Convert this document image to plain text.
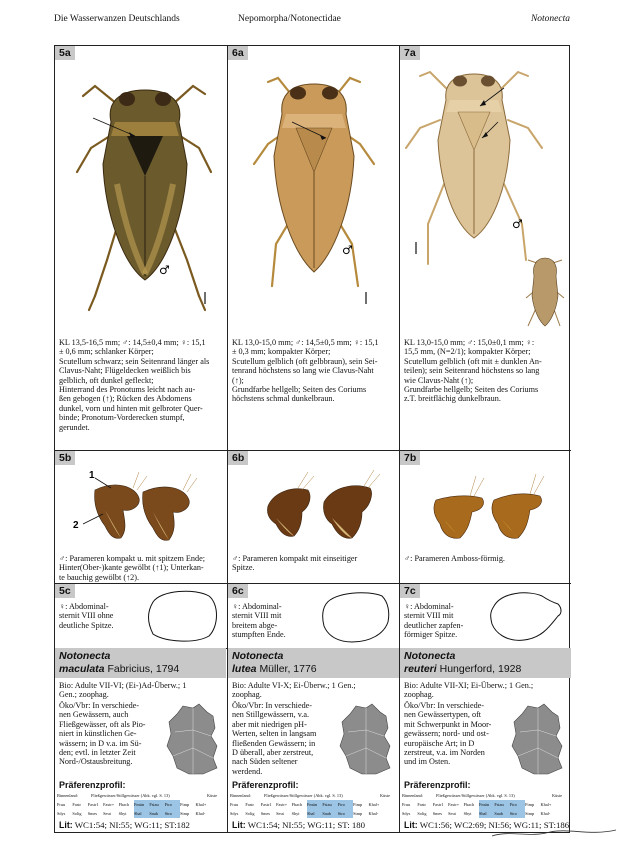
Die Wasserwanzen Deutschlands	Nepomorpha/Notonectidae	Notonecta
5a
♂
KL 13,5-16,5 mm; ♂: 14,5±0,4 mm; ♀: 15,1
± 0,6 mm; schlanker Körper;
Scutellum schwarz; sein Seitenrand länger als
Clavus-Naht; Flügeldecken weißlich bis
gelblich, oft dunkel gefleckt;
Hinterrand des Pronotums leicht nach au-
ßen gebogen (↑); Rücken des Abdomens
dunkel, vorn und hinten mit gelbroter Quer-
binde; Pronotum-Vorderecken stumpf,
gerundet.
5b
1
2
♂: Parameren kompakt u. mit spitzem Ende;
Hinter(Ober-)kante gewölbt (↑1); Unterkan-
te bauchig gewölbt (↑2).
5c
♀: Abdominal-
sternit VIII ohne
deutliche Spitze.
Notonecta
maculata Fabricius, 1794
Bio: Adulte VII-VI; (Ei-)Ad-Überw.; 1
Gen.; zoophag.
Öko/Vbr: In verschiede-
nen Gewässern, auch
Fließgewässer, oft als Pio-
niert in künstlichen Ge-
wässern; in D v.a. im Sü-
den; evtl. in letzter Zeit
Nord-/Ostausbreitung.
Präferenzprofil:
Binnenland:	Fließgewässer/Stillgewässer (Abk. vgl. S. 13)	Küste
Fruu	Fastr	Fastr1	Fastr+	Fbach	Fmün	Fstau	Ftro	Ftmp	Khal+
Sdys	Solig	Smes	Seut	Shyt	Shal	Saub	Stro	Stmp	Khal-
Lit: WC1:54; NI:55; WG:11; ST:182
6a
♂
KL 13,0-15,0 mm; ♂: 14,5±0,5 mm; ♀: 15,1
± 0,3 mm; kompakter Körper;
Scutellum gelblich (oft gelbbraun), sein Sei-
tenrand höchstens so lang wie Clavus-Naht
(↑);
Grundfarbe hellgelb; Seiten des Coriums
höchstens schmal dunkelbraun.
6b
♂: Parameren kompakt mit einseitiger
Spitze.
6c
♀: Abdominal-
sternit VIII mit
breitem abge-
stumpften Ende.
Notonecta
lutea Müller, 1776
Bio: Adulte VI-X; Ei-Überw.; 1 Gen.;
zoophag.
Öko/Vbr: In verschiede-
nen Stillgewässern, v.a.
aber mit niedrigen pH-
Werten, selten in langsam
fließenden Gewässern; in
D überall, aber zerstreut,
nach Süden seltener
werdend.
Präferenzprofil:
Binnenland:	Fließgewässer/Stillgewässer (Abk. vgl. S. 13)	Küste
Fruu	Fastr	Fastr1	Fastr+	Fbach	Fmün	Fstau	Ftro	Ftmp	Khal+
Sdys	Solig	Smes	Seut	Shyt	Shal	Saub	Stro	Stmp	Khal-
Lit: WC1:54; NI:55; WG:11; ST: 180
7a
♂
KL 13,0-15,0 mm; ♂: 15,0±0,1 mm; ♀:
15,5 mm, (N=2/1); kompakter Körper;
Scutellum gelblich (oft mit ± dunklen An-
teilen); sein Seitenrand höchstens so lang
wie Clavus-Naht (↑);
Grundfarbe hellgelb; Seiten des Coriums
z.T. breitflächig dunkelbraun.
7b
♂: Parameren Amboss-förmig.
7c
♀: Abdominal-
sternit VIII mit
deutlicher zapfen-
förmiger Spitze.
Notonecta
reuteri Hungerford, 1928
Bio: Adulte VII-XI; Ei-Überw.; 1 Gen.;
zoophag.
Öko/Vbr: In verschiede-
nen Gewässertypen, oft
mit Schwerpunkt in Moor-
gewässern; nord- und ost-
europäische Art; in D
zerstreut, v.a. im Norden
und im Osten.
Präferenzprofil:
Binnenland:	Fließgewässer/Stillgewässer (Abk. vgl. S. 13)	Küste
Fruu	Fastr	Fastr1	Fastr+	Fbach	Fmün	Fstau	Ftro	Ftmp	Khal+
Sdys	Solig	Smes	Seut	Shyt	Shal	Saub	Stro	Stmp	Khal-
Lit: WC1:56; WC2:69; NI:56; WG:11; ST:186
